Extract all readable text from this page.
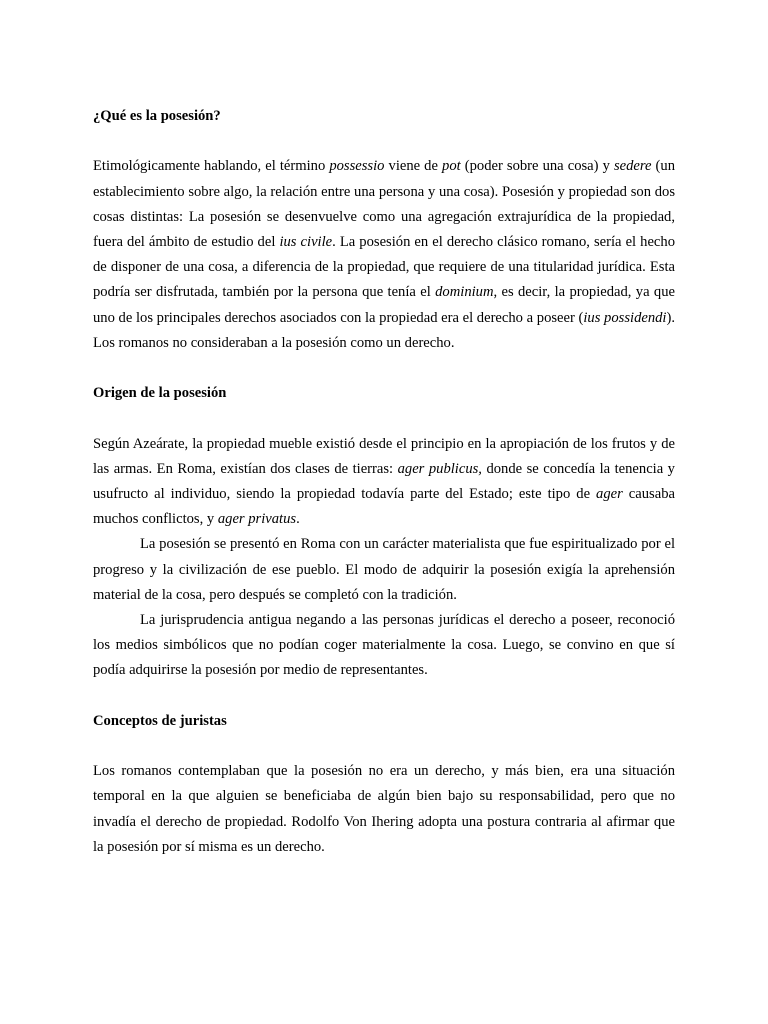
¿Qué es la posesión?

Etimológicamente hablando, el término possessio viene de pot (poder sobre una cosa) y sedere (un establecimiento sobre algo, la relación entre una persona y una cosa). Posesión y propiedad son dos cosas distintas: La posesión se desenvuelve como una agregación extrajurídica de la propiedad, fuera del ámbito de estudio del ius civile. La posesión en el derecho clásico romano, sería el hecho de disponer de una cosa, a diferencia de la propiedad, que requiere de una titularidad jurídica. Esta podría ser disfrutada, también por la persona que tenía el dominium, es decir, la propiedad, ya que uno de los principales derechos asociados con la propiedad era el derecho a poseer (ius possidendi). Los romanos no consideraban a la posesión como un derecho.

Origen de la posesión

Según Azeárate, la propiedad mueble existió desde el principio en la apropiación de los frutos y de las armas. En Roma, existían dos clases de tierras: ager publicus, donde se concedía la tenencia y usufructo al individuo, siendo la propiedad todavía parte del Estado; este tipo de ager causaba muchos conflictos, y ager privatus.

La posesión se presentó en Roma con un carácter materialista que fue espiritualizado por el progreso y la civilización de ese pueblo. El modo de adquirir la posesión exigía la aprehensión material de la cosa, pero después se completó con la tradición.

La jurisprudencia antigua negando a las personas jurídicas el derecho a poseer, reconoció los medios simbólicos que no podían coger materialmente la cosa. Luego, se convino en que sí podía adquirirse la posesión por medio de representantes.

Conceptos de juristas

Los romanos contemplaban que la posesión no era un derecho, y más bien, era una situación temporal en la que alguien se beneficiaba de algún bien bajo su responsabilidad, pero que no invadía el derecho de propiedad. Rodolfo Von Ihering adopta una postura contraria al afirmar que la posesión por sí misma es un derecho.
